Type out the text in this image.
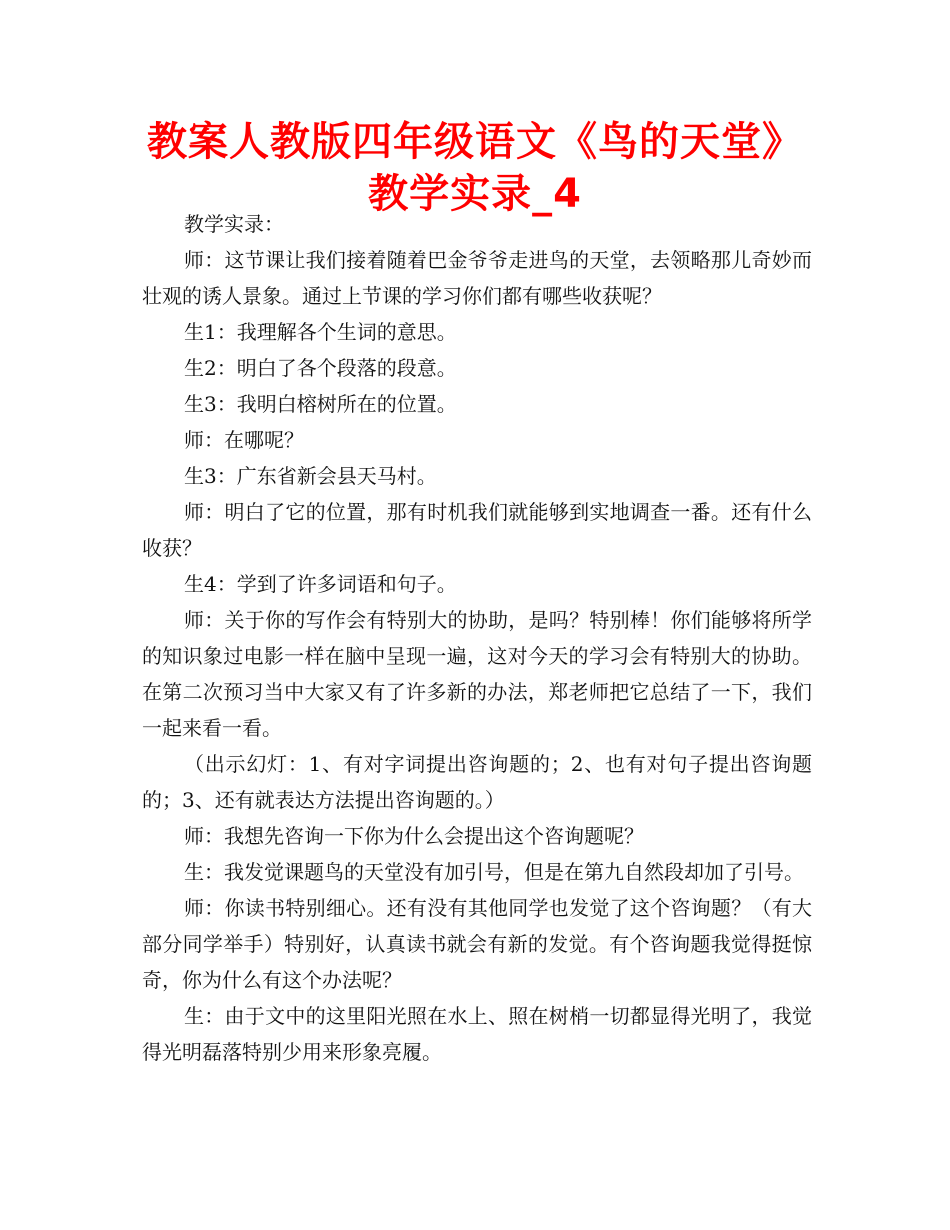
教案人教版四年级语文《鸟的天堂》教学实录_4

教学实录：

师：这节课让我们接着随着巴金爷爷走进鸟的天堂，去领略那儿奇妙而壮观的诱人景象。通过上节课的学习你们都有哪些收获呢？

生1：我理解各个生词的意思。

生2：明白了各个段落的段意。

生3：我明白榕树所在的位置。

师：在哪呢？

生3：广东省新会县天马村。

师：明白了它的位置，那有时机我们就能够到实地调查一番。还有什么收获？

生4：学到了许多词语和句子。

师：关于你的写作会有特别大的协助，是吗？特别棒！你们能够将所学的知识象过电影一样在脑中呈现一遍，这对今天的学习会有特别大的协助。在第二次预习当中大家又有了许多新的办法，郑老师把它总结了一下，我们一起来看一看。

（出示幻灯：1、有对字词提出咨询题的；2、也有对句子提出咨询题的；3、还有就表达方法提出咨询题的。）

师：我想先咨询一下你为什么会提出这个咨询题呢？

生：我发觉课题鸟的天堂没有加引号，但是在第九自然段却加了引号。

师：你读书特别细心。还有没有其他同学也发觉了这个咨询题？（有大部分同学举手）特别好，认真读书就会有新的发觉。有个咨询题我觉得挺惊奇，你为什么有这个办法呢？

生：由于文中的这里阳光照在水上、照在树梢一切都显得光明了，我觉得光明磊落特别少用来形象亮履。
